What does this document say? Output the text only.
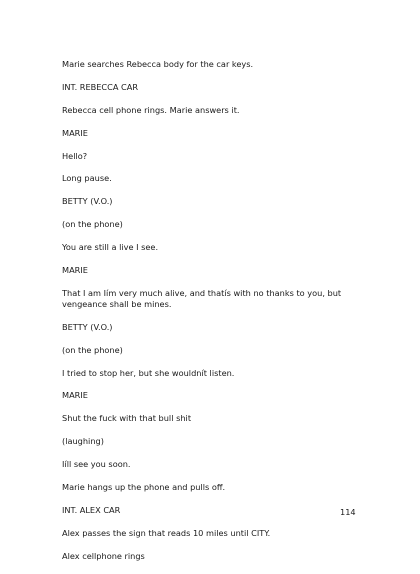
Marie searches Rebecca body for the car keys.
INT. REBECCA CAR
Rebecca cell phone rings. Marie answers it.
MARIE
Hello?
Long pause.
BETTY (V.O.)
(on the phone)
You are still a live I see.
MARIE
That I am Iím very much alive, and thatís with no thanks to you, but vengeance shall be mines.
BETTY (V.O.)
(on the phone)
I tried to stop her, but she wouldnít listen.
MARIE
Shut the fuck with that bull shit
(laughing)
Iíll see you soon.
Marie hangs up the phone and pulls off.
INT. ALEX CAR
Alex passes the sign that reads 10 miles until CITY.
Alex cellphone rings
114
